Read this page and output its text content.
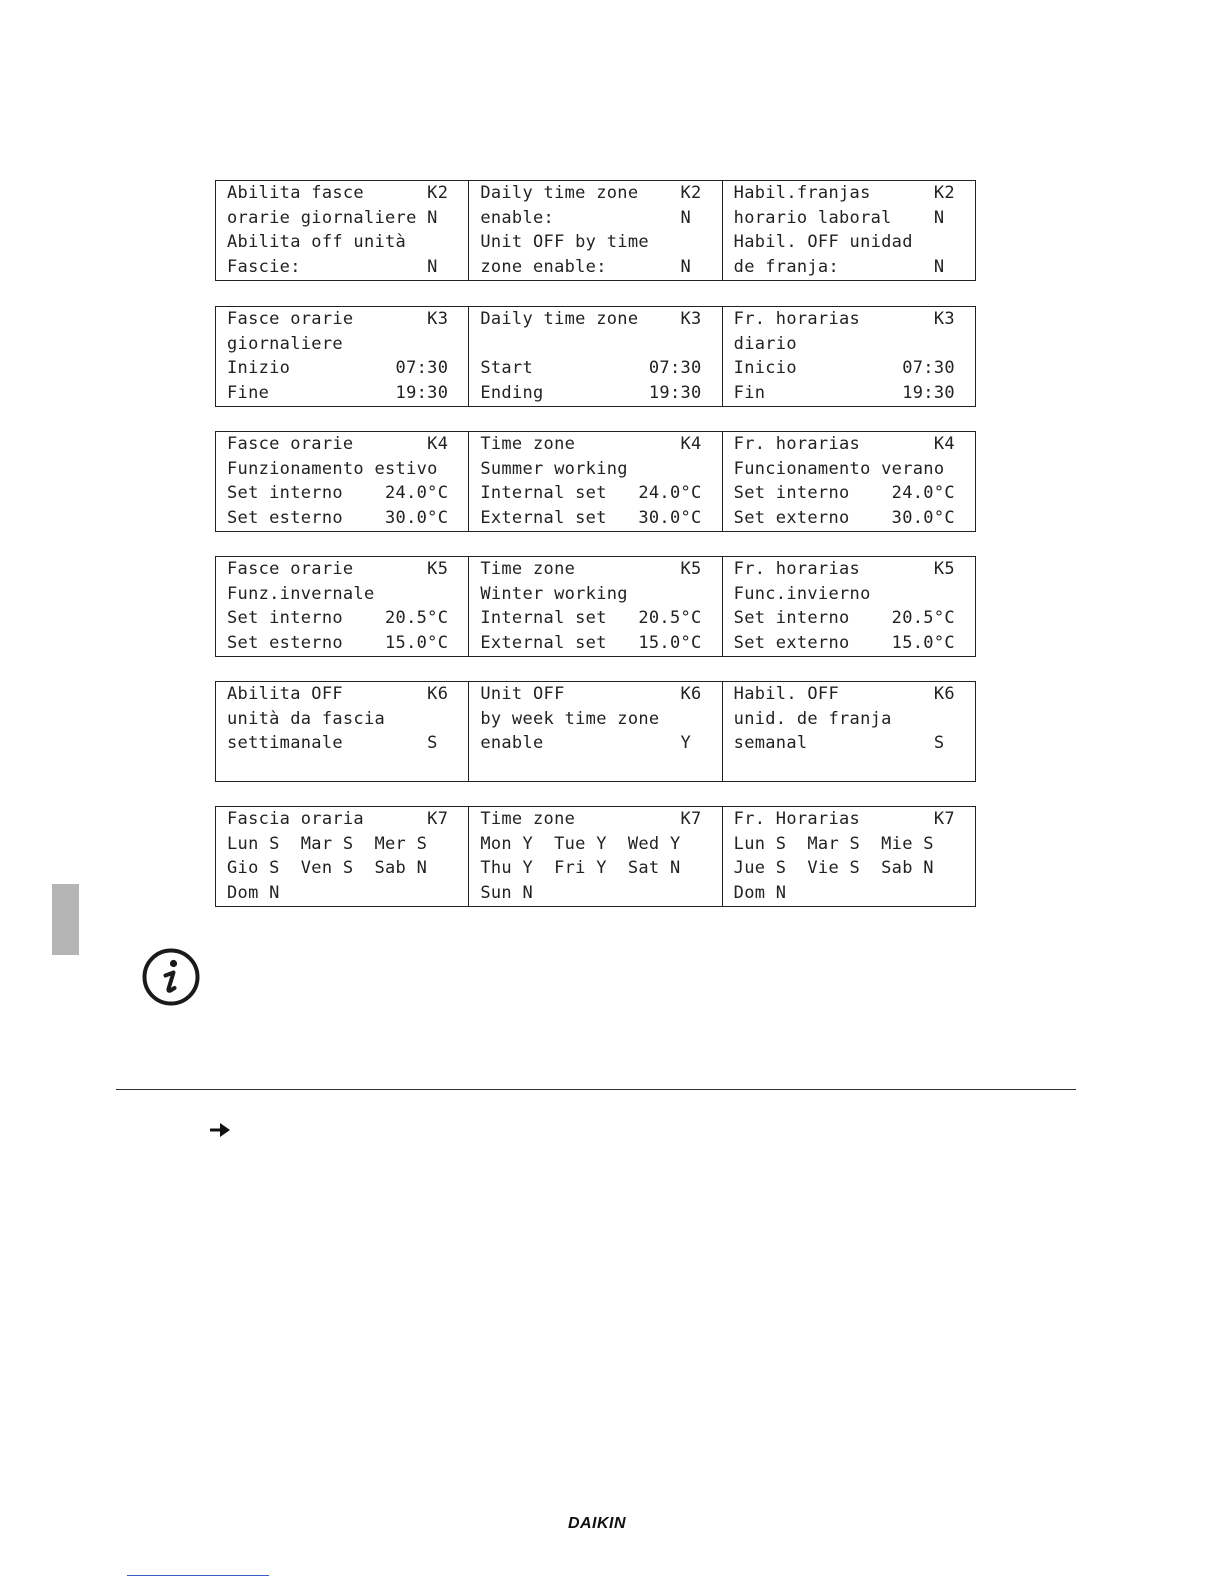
Abilita fasce      K2
orarie giornaliere N
Abilita off unità
Fascie:            N
Daily time zone    K2
enable:            N
Unit OFF by time
zone enable:       N
Habil.franjas      K2
horario laboral    N
Habil. OFF unidad
de franja:         N
Fasce orarie       K3
giornaliere
Inizio          07:30
Fine            19:30
Daily time zone    K3
Start           07:30
Ending          19:30
Fr. horarias       K3
diario
Inicio          07:30
Fin             19:30
Fasce orarie       K4
Funzionamento estivo
Set interno    24.0°C
Set esterno    30.0°C
Time zone          K4
Summer working
Internal set   24.0°C
External set   30.0°C
Fr. horarias       K4
Funcionamento verano
Set interno    24.0°C
Set externo    30.0°C
Fasce orarie       K5
Funz.invernale
Set interno    20.5°C
Set esterno    15.0°C
Time zone          K5
Winter working
Internal set   20.5°C
External set   15.0°C
Fr. horarias       K5
Func.invierno
Set interno    20.5°C
Set externo    15.0°C
Abilita OFF        K6
unità da fascia
settimanale        S
Unit OFF           K6
by week time zone
enable             Y
Habil. OFF         K6
unid. de franja
semanal            S
Fascia oraria      K7
Lun S  Mar S  Mer S
Gio S  Ven S  Sab N
Dom N
Time zone          K7
Mon Y  Tue Y  Wed Y
Thu Y  Fri Y  Sat N
Sun N
Fr. Horarias       K7
Lun S  Mar S  Mie S
Jue S  Vie S  Sab N
Dom N
DAIKIN
